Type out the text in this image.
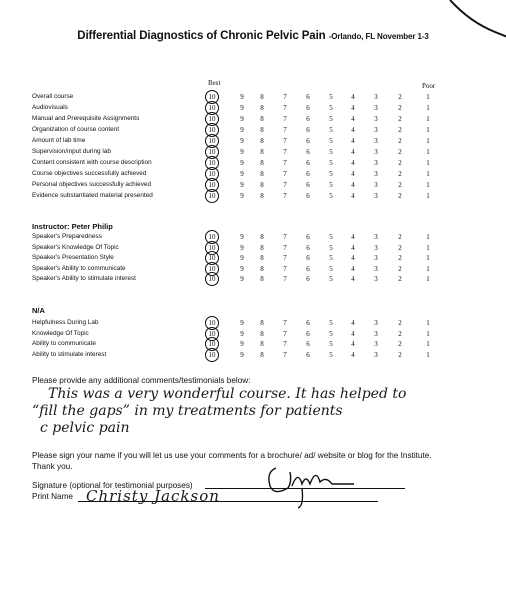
Differential Diagnostics of Chronic Pelvic Pain -Orlando, FL November 1-3
Best	Poor
Overall course	10	9	8	7	6	5	4	3	2	1
Audiovisuals	10	9	8	7	6	5	4	3	2	1
Manual and Prerequisite Assignments	10	9	8	7	6	5	4	3	2	1
Organization of course content	10	9	8	7	6	5	4	3	2	1
Amount of lab time	10	9	8	7	6	5	4	3	2	1
Supervision/input during lab	10	9	8	7	6	5	4	3	2	1
Content consistent with course description	10	9	8	7	6	5	4	3	2	1
Course objectives successfully achieved	10	9	8	7	6	5	4	3	2	1
Personal objectives successfully achieved	10	9	8	7	6	5	4	3	2	1
Evidence substantiated material presented	10	9	8	7	6	5	4	3	2	1
Instructor: Peter Philip
Speaker's Preparedness	10	9	8	7	6	5	4	3	2	1
Speaker's Knowledge Of Topic	10	9	8	7	6	5	4	3	2	1
Speaker's Presentation Style	10	9	8	7	6	5	4	3	2	1
Speaker's Ability to communicate	10	9	8	7	6	5	4	3	2	1
Speaker's Ability to stimulate interest	10	9	8	7	6	5	4	3	2	1
N/A
Helpfulness During Lab	10	9	8	7	6	5	4	3	2	1
Knowledge Of Topic	10	9	8	7	6	5	4	3	2	1
Ability to communicate	10	9	8	7	6	5	4	3	2	1
Ability to stimulate interest	10	9	8	7	6	5	4	3	2	1
Please provide any additional comments/testimonials below:
This was a very wonderful course. It has helped to
“fill the gaps” in my treatments for patients
c pelvic pain
Please sign your name if you will let us use your comments for a brochure/ ad/ website or blog for the Institute.
Thank you.
Signature (optional for testimonial purposes)
Print Name Christy Jackson
